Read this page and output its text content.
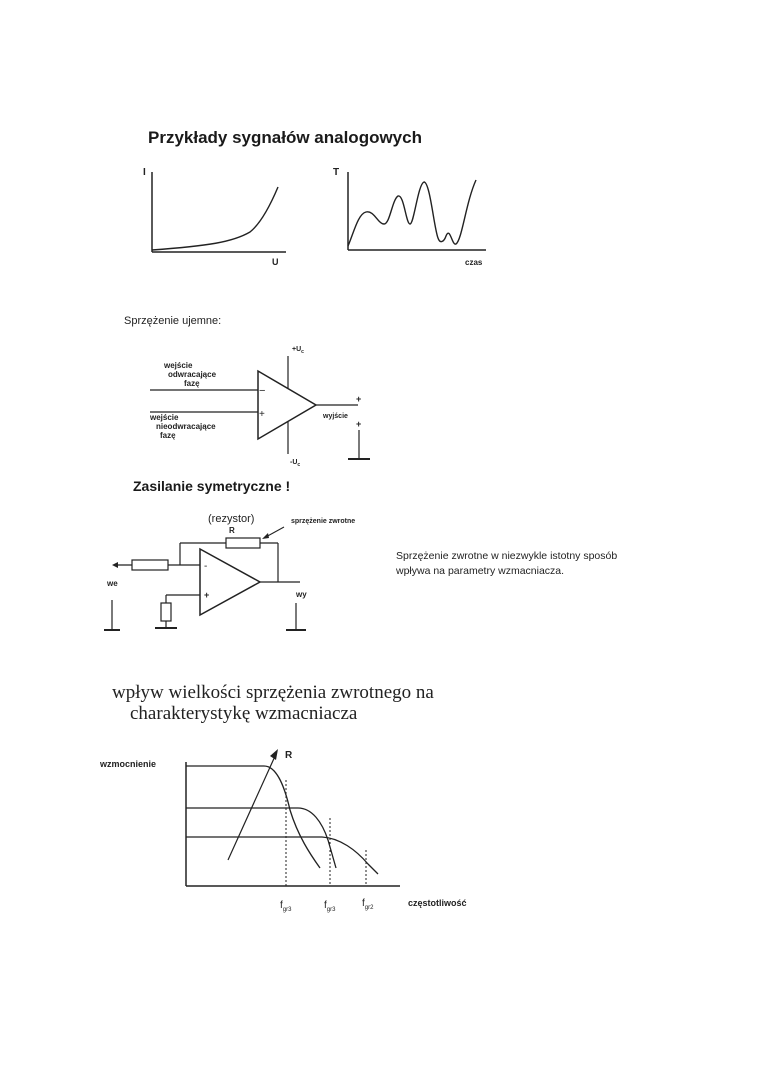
Przykłady sygnałów analogowych
I
U
T
czas
Sprzężenie ujemne:
$+U_c$
$-U_c$
−
+
+
wyjście
+
wejście
odwracające
fazę
wejście
nieodwracające
fazę
Zasilanie symetryczne !
(rezystor)
R
sprzężenie zwrotne
-
+	wy
we
Sprzężenie zwrotne w niezwykle istotny sposób
wpływa na parametry wzmacniacza.
wpływ wielkości sprzężenia zwrotnego na
charakterystykę wzmacniacza
wzmocnienie
R
$f_{gr3}$	$f_{gr3}$
$f_{gr2}$	częstotliwość
